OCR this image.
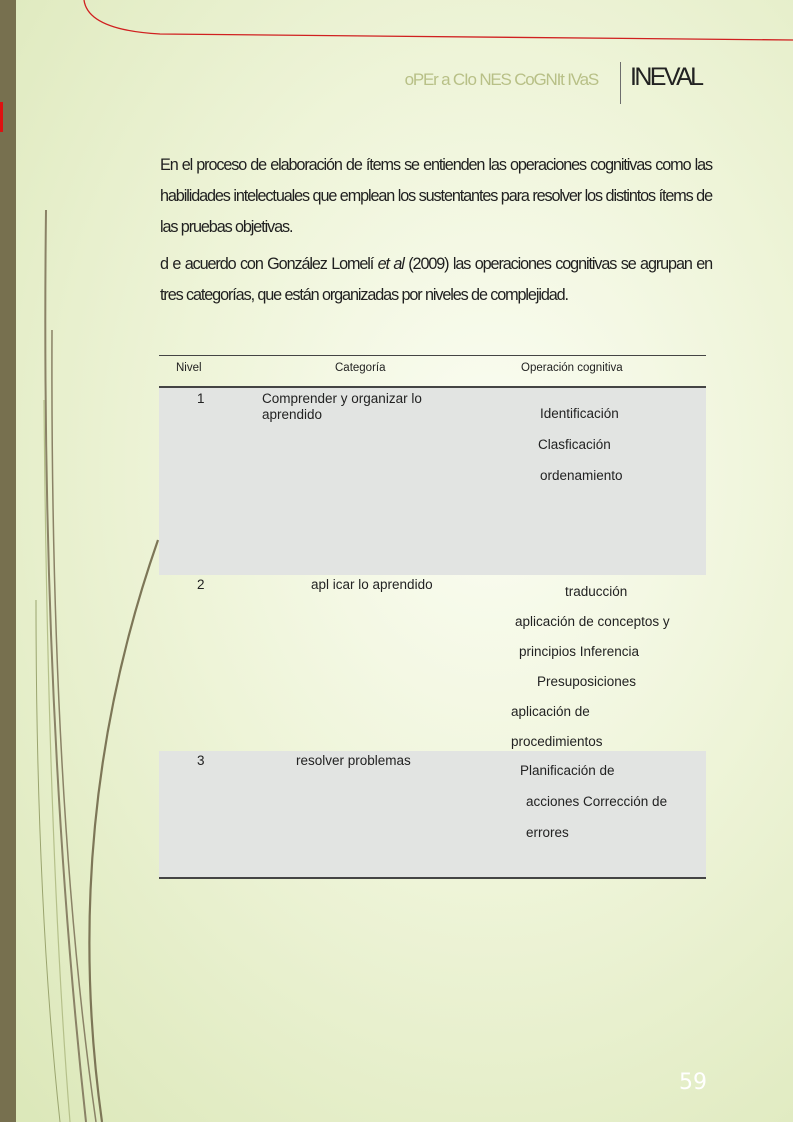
oPEr a CIo NES CoGNIt IVaS INEVAL

En el proceso de elaboración de ítems se entienden las operaciones cognitivas como las habilidades intelectuales que emplean los sustentantes para resolver los distintos ítems de las pruebas objetivas.

d e acuerdo con González Lomelí et al (2009) las operaciones cognitivas se agrupan en tres categorías, que están organizadas por niveles de complejidad.

Nivel	Categoría	Operación cognitiva
1	Comprender y organizar lo aprendido	Identificación
Clasficación
ordenamiento
2	apl icar lo aprendido	traducción
aplicación de conceptos y
principios Inferencia
Presuposiciones
aplicación de
procedimientos
3	resolver problemas
Planificación de
acciones Corrección de
errores
59
